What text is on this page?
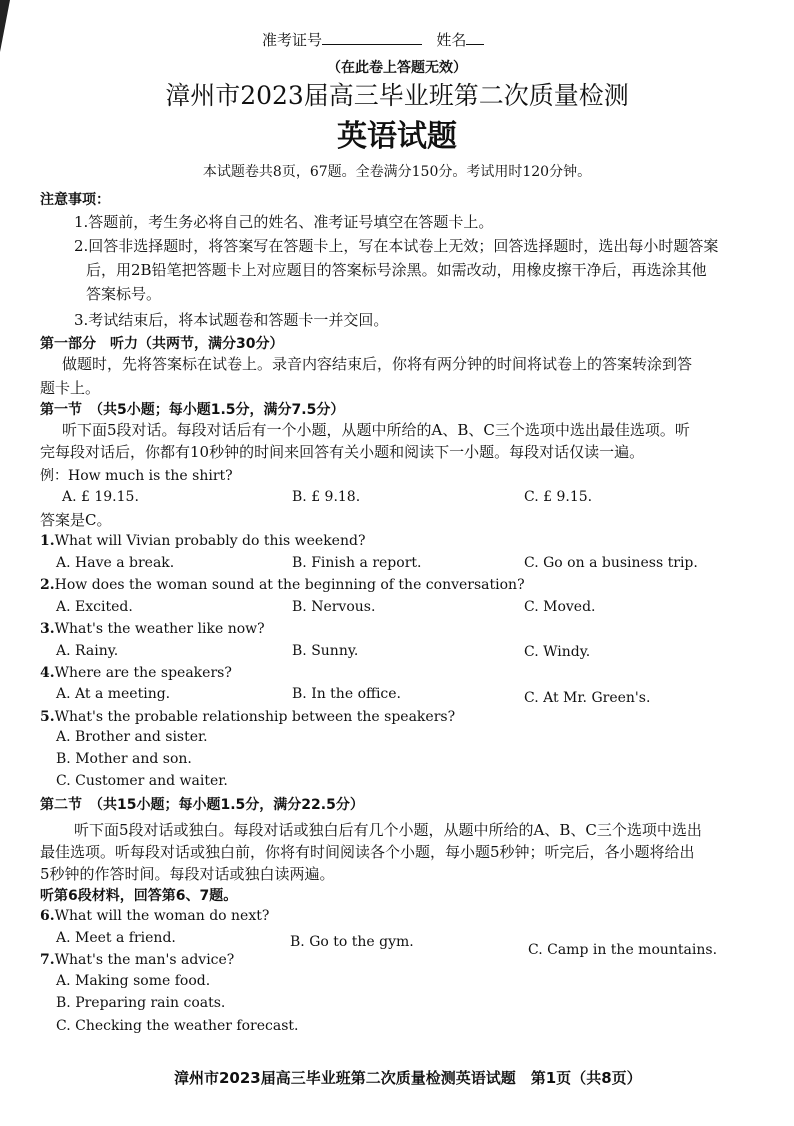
准考证号	姓名
（在此卷上答题无效）
漳州市2023届高三毕业班第二次质量检测
英语试题
本试题卷共8页，67题。全卷满分150分。考试用时120分钟。
注意事项：
1.答题前，考生务必将自己的姓名、准考证号填空在答题卡上。
2.回答非选择题时，将答案写在答题卡上，写在本试卷上无效；回答选择题时，选出每小时题答案
后，用2B铅笔把答题卡上对应题目的答案标号涂黑。如需改动，用橡皮擦干净后，再选涂其他
答案标号。
3.考试结束后，将本试题卷和答题卡一并交回。
第一部分　听力（共两节，满分30分）
做题时，先将答案标在试卷上。录音内容结束后，你将有两分钟的时间将试卷上的答案转涂到答
题卡上。
第一节　（共5小题；每小题1.5分，满分7.5分）
听下面5段对话。每段对话后有一个小题，从题中所给的A、B、C三个选项中选出最佳选项。听
完每段对话后，你都有10秒钟的时间来回答有关小题和阅读下一小题。每段对话仅读一遍。
例：How much is the shirt?
A. £ 19.15.	B. £ 9.18.	C. £ 9.15.
答案是C。
1.What will Vivian probably do this weekend?
A. Have a break.	B. Finish a report.	C. Go on a business trip.
2.How does the woman sound at the beginning of the conversation?
A. Excited.	B. Nervous.	C. Moved.
3.What's the weather like now?
A. Rainy.	B. Sunny.	C. Windy.
4.Where are the speakers?
A. At a meeting.	B. In the office.	C. At Mr. Green's.
5.What's the probable relationship between the speakers?
A. Brother and sister.
B. Mother and son.
C. Customer and waiter.
第二节　（共15小题；每小题1.5分，满分22.5分）
听下面5段对话或独白。每段对话或独白后有几个小题，从题中所给的A、B、C三个选项中选出
最佳选项。听每段对话或独白前，你将有时间阅读各个小题，每小题5秒钟；听完后，各小题将给出
5秒钟的作答时间。每段对话或独白读两遍。
听第6段材料，回答第6、7题。
6.What will the woman do next?
A. Meet a friend.	B. Go to the gym.	C. Camp in the mountains.
7.What's the man's advice?
A. Making some food.
B. Preparing rain coats.
C. Checking the weather forecast.
漳州市2023届高三毕业班第二次质量检测英语试题　第1页（共8页）
